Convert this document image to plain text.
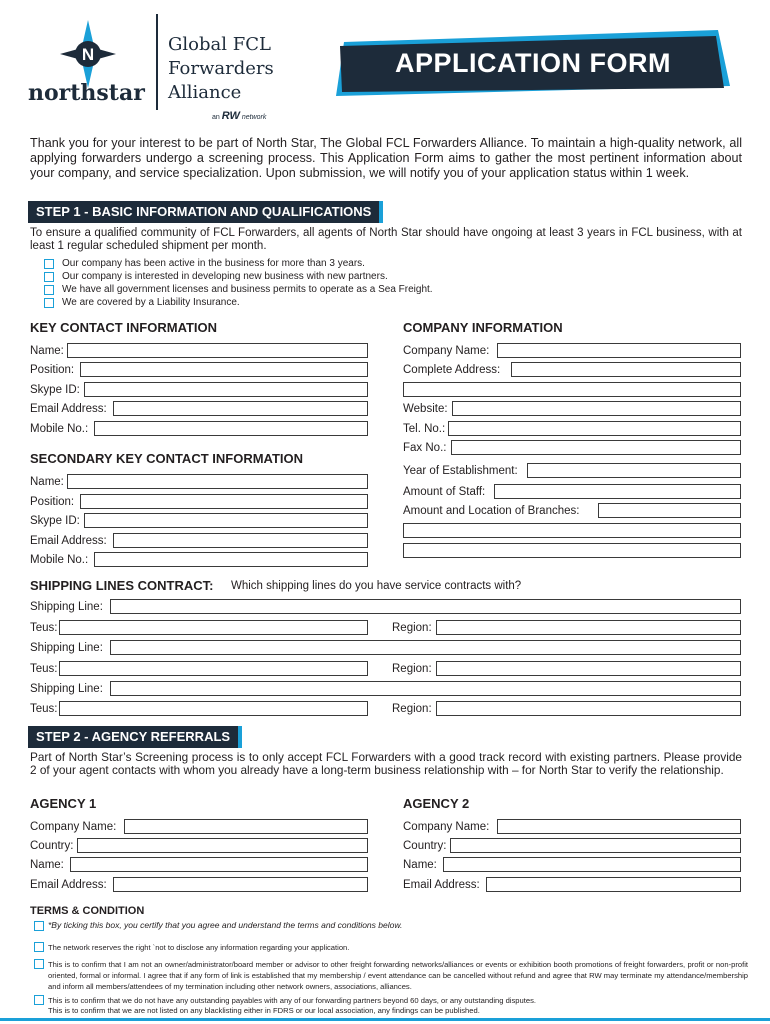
N
northstar
Global FCL
Forwarders
Alliance
an RW network
APPLICATION FORM
Thank you for your interest to be part of North Star, The Global FCL Forwarders Alliance. To maintain a high-quality network, all applying forwarders undergo a screening process. This Application Form aims to gather the most pertinent information about your company, and service specialization. Upon submission, we will notify you of your application status within 1 week.
STEP 1 - BASIC INFORMATION AND QUALIFICATIONS
To ensure a qualified community of FCL Forwarders, all agents of North Star should have ongoing at least 3 years in FCL business, with at least 1 regular scheduled shipment per month.
Our company has been active in the business for more than 3 years.
Our company is interested in developing new business with new partners.
We have all government licenses and business permits to operate as a Sea Freight.
We are covered by a Liability Insurance.
KEY CONTACT INFORMATION
Name:
Position:
Skype ID:
Email Address:
Mobile No.:
SECONDARY KEY CONTACT INFORMATION
Name:
Position:
Skype ID:
Email Address:
Mobile No.:
COMPANY INFORMATION
Company Name:
Complete Address:
Website:
Tel. No.:
Fax No.:
Year of Establishment:
Amount of Staff:
Amount and Location of Branches:
SHIPPING LINES CONTRACT: Which shipping lines do you have service contracts with?
Shipping Line:
Teus:	Region:
Shipping Line:
Teus:	Region:
Shipping Line:
Teus:	Region:
STEP 2 - AGENCY REFERRALS
Part of North Star’s Screening process is to only accept FCL Forwarders with a good track record with existing partners. Please provide 2 of your agent contacts with whom you already have a long-term business relationship with – for North Star to verify the relationship.
AGENCY 1
Company Name:
Country:
Name:
Email Address:
AGENCY 2
Company Name:
Country:
Name:
Email Address:
TERMS & CONDITION
*By ticking this box, you certify that you agree and understand the terms and conditions below.
The network reserves the right `not to disclose any information regarding your application.
This is to confirm that I am not an owner/administrator/board member or advisor to other freight forwarding networks/alliances or events or exhibition booth promotions of freight forwarders, profit or non-profit oriented, formal or informal. I agree that if any form of link is established that my membership / event attendance can be cancelled without refund and agree that RW may terminate my attendance/membership and inform all members/attendees of my termination including other network owners, associations, alliances.
This is to confirm that we do not have any outstanding payables with any of our forwarding partners beyond 60 days, or any outstanding disputes.
This is to confirm that we are not listed on any blacklisting either in FDRS or our local association, any findings can be published.
